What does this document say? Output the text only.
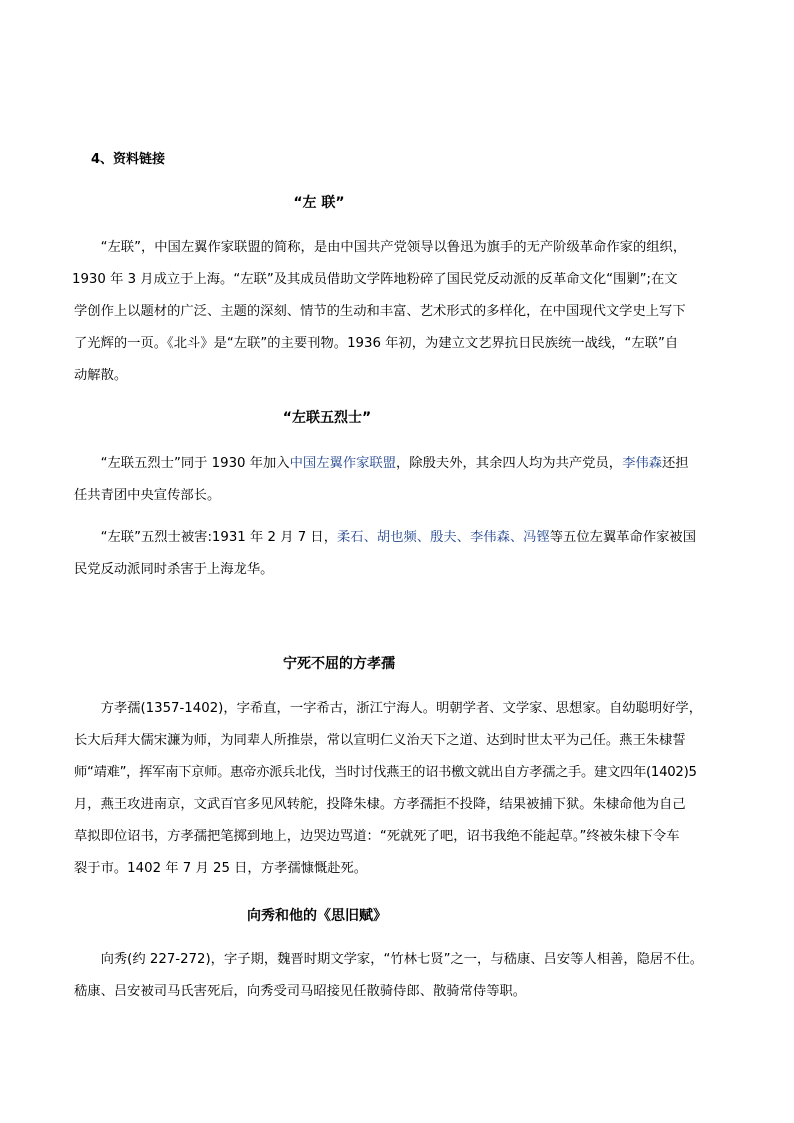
4、资料链接
“左 联”
“左联”，中国左翼作家联盟的简称，是由中国共产党领导以鲁迅为旗手的无产阶级革命作家的组织，
1930 年 3 月成立于上海。“左联”及其成员借助文学阵地粉碎了国民党反动派的反革命文化“围剿”;在文
学创作上以题材的广泛、主题的深刻、情节的生动和丰富、艺术形式的多样化，在中国现代文学史上写下
了光辉的一页。《北斗》是“左联”的主要刊物。1936 年初，为建立文艺界抗日民族统一战线，“左联”自
动解散。
“左联五烈士”
“左联五烈士”同于 1930 年加入中国左翼作家联盟，除殷夫外，其余四人均为共产党员，李伟森还担
任共青团中央宣传部长。
“左联”五烈士被害:1931 年 2 月 7 日，柔石、胡也频、殷夫、李伟森、冯铿等五位左翼革命作家被国
民党反动派同时杀害于上海龙华。
宁死不屈的方孝孺
方孝孺(1357-1402)，字希直，一字希古，浙江宁海人。明朝学者、文学家、思想家。自幼聪明好学，
长大后拜大儒宋濂为师，为同辈人所推崇，常以宣明仁义治天下之道、达到时世太平为己任。燕王朱棣誓
师“靖难”，挥军南下京师。惠帝亦派兵北伐，当时讨伐燕王的诏书檄文就出自方孝孺之手。建文四年(1402)5
月，燕王攻进南京，文武百官多见风转舵，投降朱棣。方孝孺拒不投降，结果被捕下狱。朱棣命他为自己
草拟即位诏书，方孝孺把笔掷到地上，边哭边骂道：“死就死了吧，诏书我绝不能起草。”终被朱棣下令车
裂于市。1402 年 7 月 25 日，方孝孺慷慨赴死。
向秀和他的《思旧赋》
向秀(约 227-272)，字子期，魏晋时期文学家，“竹林七贤”之一，与嵇康、吕安等人相善，隐居不仕。
嵇康、吕安被司马氏害死后，向秀受司马昭接见任散骑侍郎、散骑常侍等职。
